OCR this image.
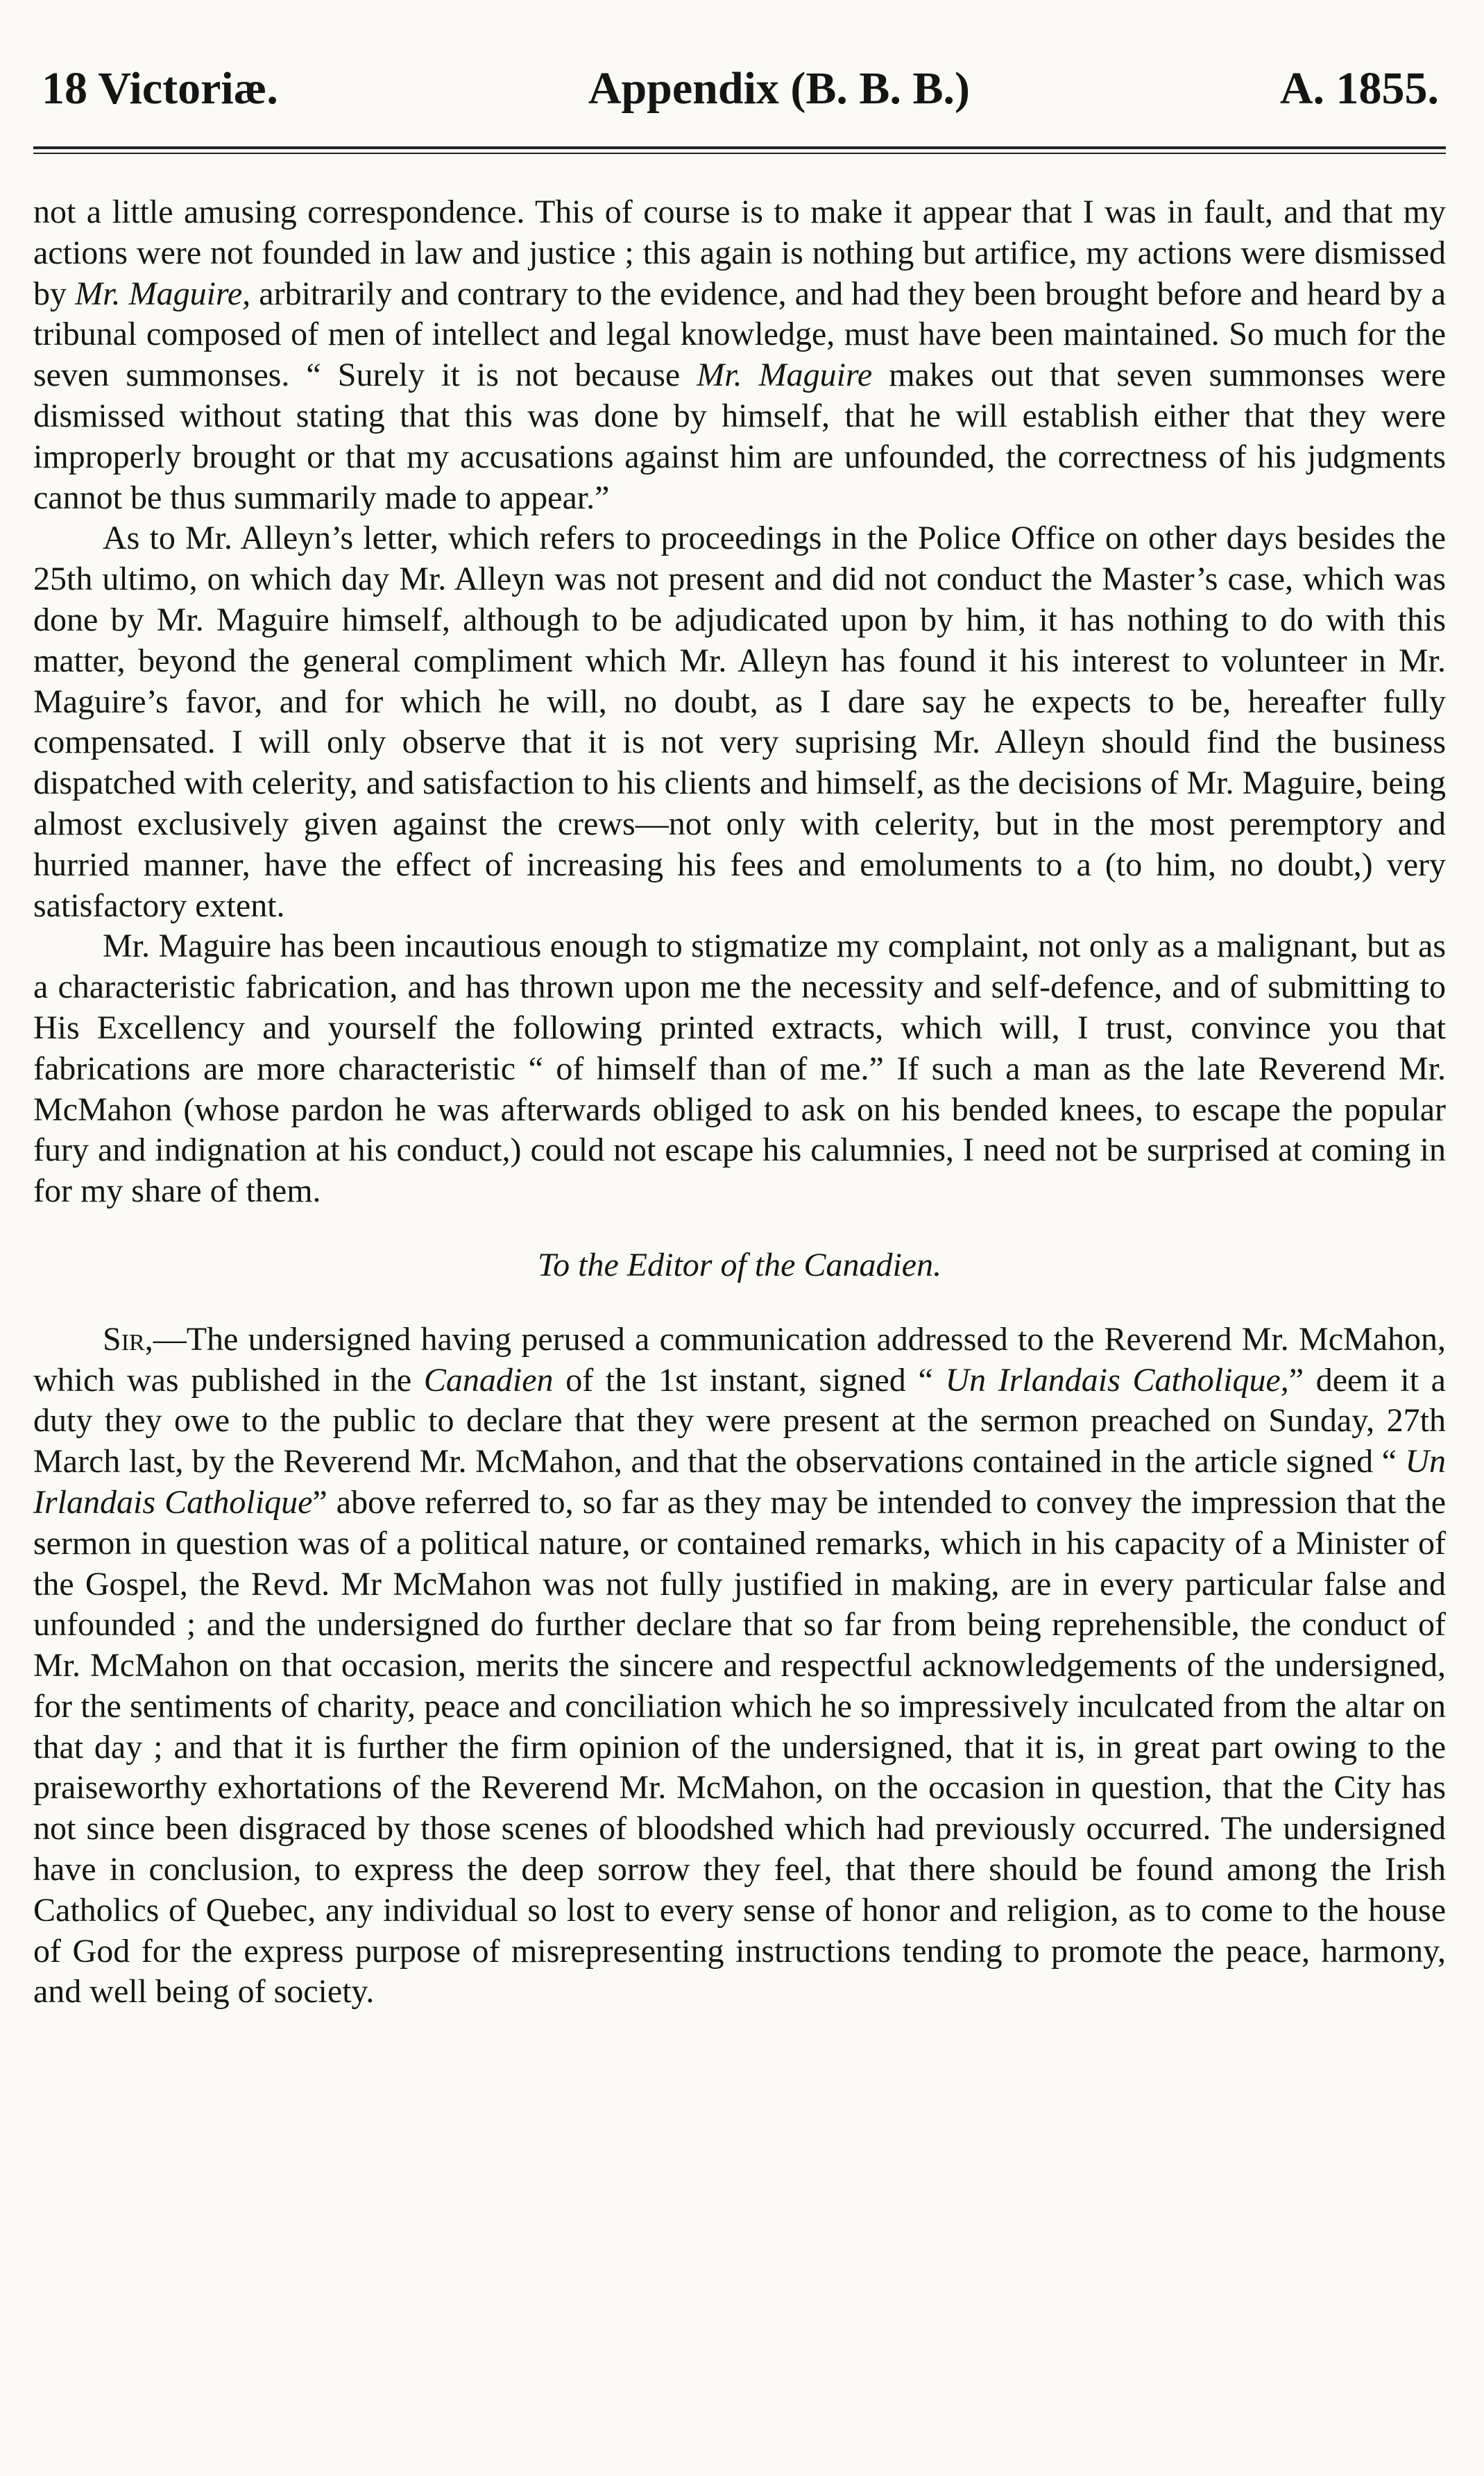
18 Victoriæ.	Appendix (B. B. B.)	A. 1855.

not a little amusing correspondence. This of course is to make it appear that I was in fault, and that my actions were not founded in law and justice ; this again is nothing but artifice, my actions were dismissed by Mr. Maguire, arbitrarily and contrary to the evidence, and had they been brought before and heard by a tribunal composed of men of intellect and legal knowledge, must have been maintained. So much for the seven summonses. “ Surely it is not because Mr. Maguire makes out that seven summonses were dismissed without stating that this was done by himself, that he will establish either that they were improperly brought or that my accusations against him are unfounded, the correctness of his judgments cannot be thus summarily made to appear.”

As to Mr. Alleyn’s letter, which refers to proceedings in the Police Office on other days besides the 25th ultimo, on which day Mr. Alleyn was not present and did not conduct the Master’s case, which was done by Mr. Maguire himself, although to be adjudicated upon by him, it has nothing to do with this matter, beyond the general compliment which Mr. Alleyn has found it his interest to volunteer in Mr. Maguire’s favor, and for which he will, no doubt, as I dare say he expects to be, hereafter fully compensated. I will only observe that it is not very suprising Mr. Alleyn should find the business dispatched with celerity, and satisfaction to his clients and himself, as the decisions of Mr. Maguire, being almost exclusively given against the crews—not only with celerity, but in the most peremptory and hurried manner, have the effect of increasing his fees and emoluments to a (to him, no doubt,) very satisfactory extent.

Mr. Maguire has been incautious enough to stigmatize my complaint, not only as a malignant, but as a characteristic fabrication, and has thrown upon me the necessity and self-defence, and of submitting to His Excellency and yourself the following printed extracts, which will, I trust, convince you that fabrications are more characteristic “ of himself than of me.” If such a man as the late Reverend Mr. McMahon (whose pardon he was afterwards obliged to ask on his bended knees, to escape the popular fury and indignation at his conduct,) could not escape his calumnies, I need not be surprised at coming in for my share of them.

To the Editor of the Canadien.

Sir,—The undersigned having perused a communication addressed to the Reverend Mr. McMahon, which was published in the Canadien of the 1st instant, signed “ Un Irlandais Catholique,” deem it a duty they owe to the public to declare that they were present at the sermon preached on Sunday, 27th March last, by the Reverend Mr. McMahon, and that the observations contained in the article signed “ Un Irlandais Catholique” above referred to, so far as they may be intended to convey the impression that the sermon in question was of a political nature, or contained remarks, which in his capacity of a Minister of the Gospel, the Revd. Mr McMahon was not fully justified in making, are in every particular false and unfounded ; and the undersigned do further declare that so far from being reprehensible, the conduct of Mr. McMahon on that occasion, merits the sincere and respectful acknowledgements of the undersigned, for the sentiments of charity, peace and conciliation which he so impressively inculcated from the altar on that day ; and that it is further the firm opinion of the undersigned, that it is, in great part owing to the praiseworthy exhortations of the Reverend Mr. McMahon, on the occasion in question, that the City has not since been disgraced by those scenes of bloodshed which had previously occurred. The undersigned have in conclusion, to express the deep sorrow they feel, that there should be found among the Irish Catholics of Quebec, any individual so lost to every sense of honor and religion, as to come to the house of God for the express purpose of misrepresenting instructions tending to promote the peace, harmony, and well being of society.
